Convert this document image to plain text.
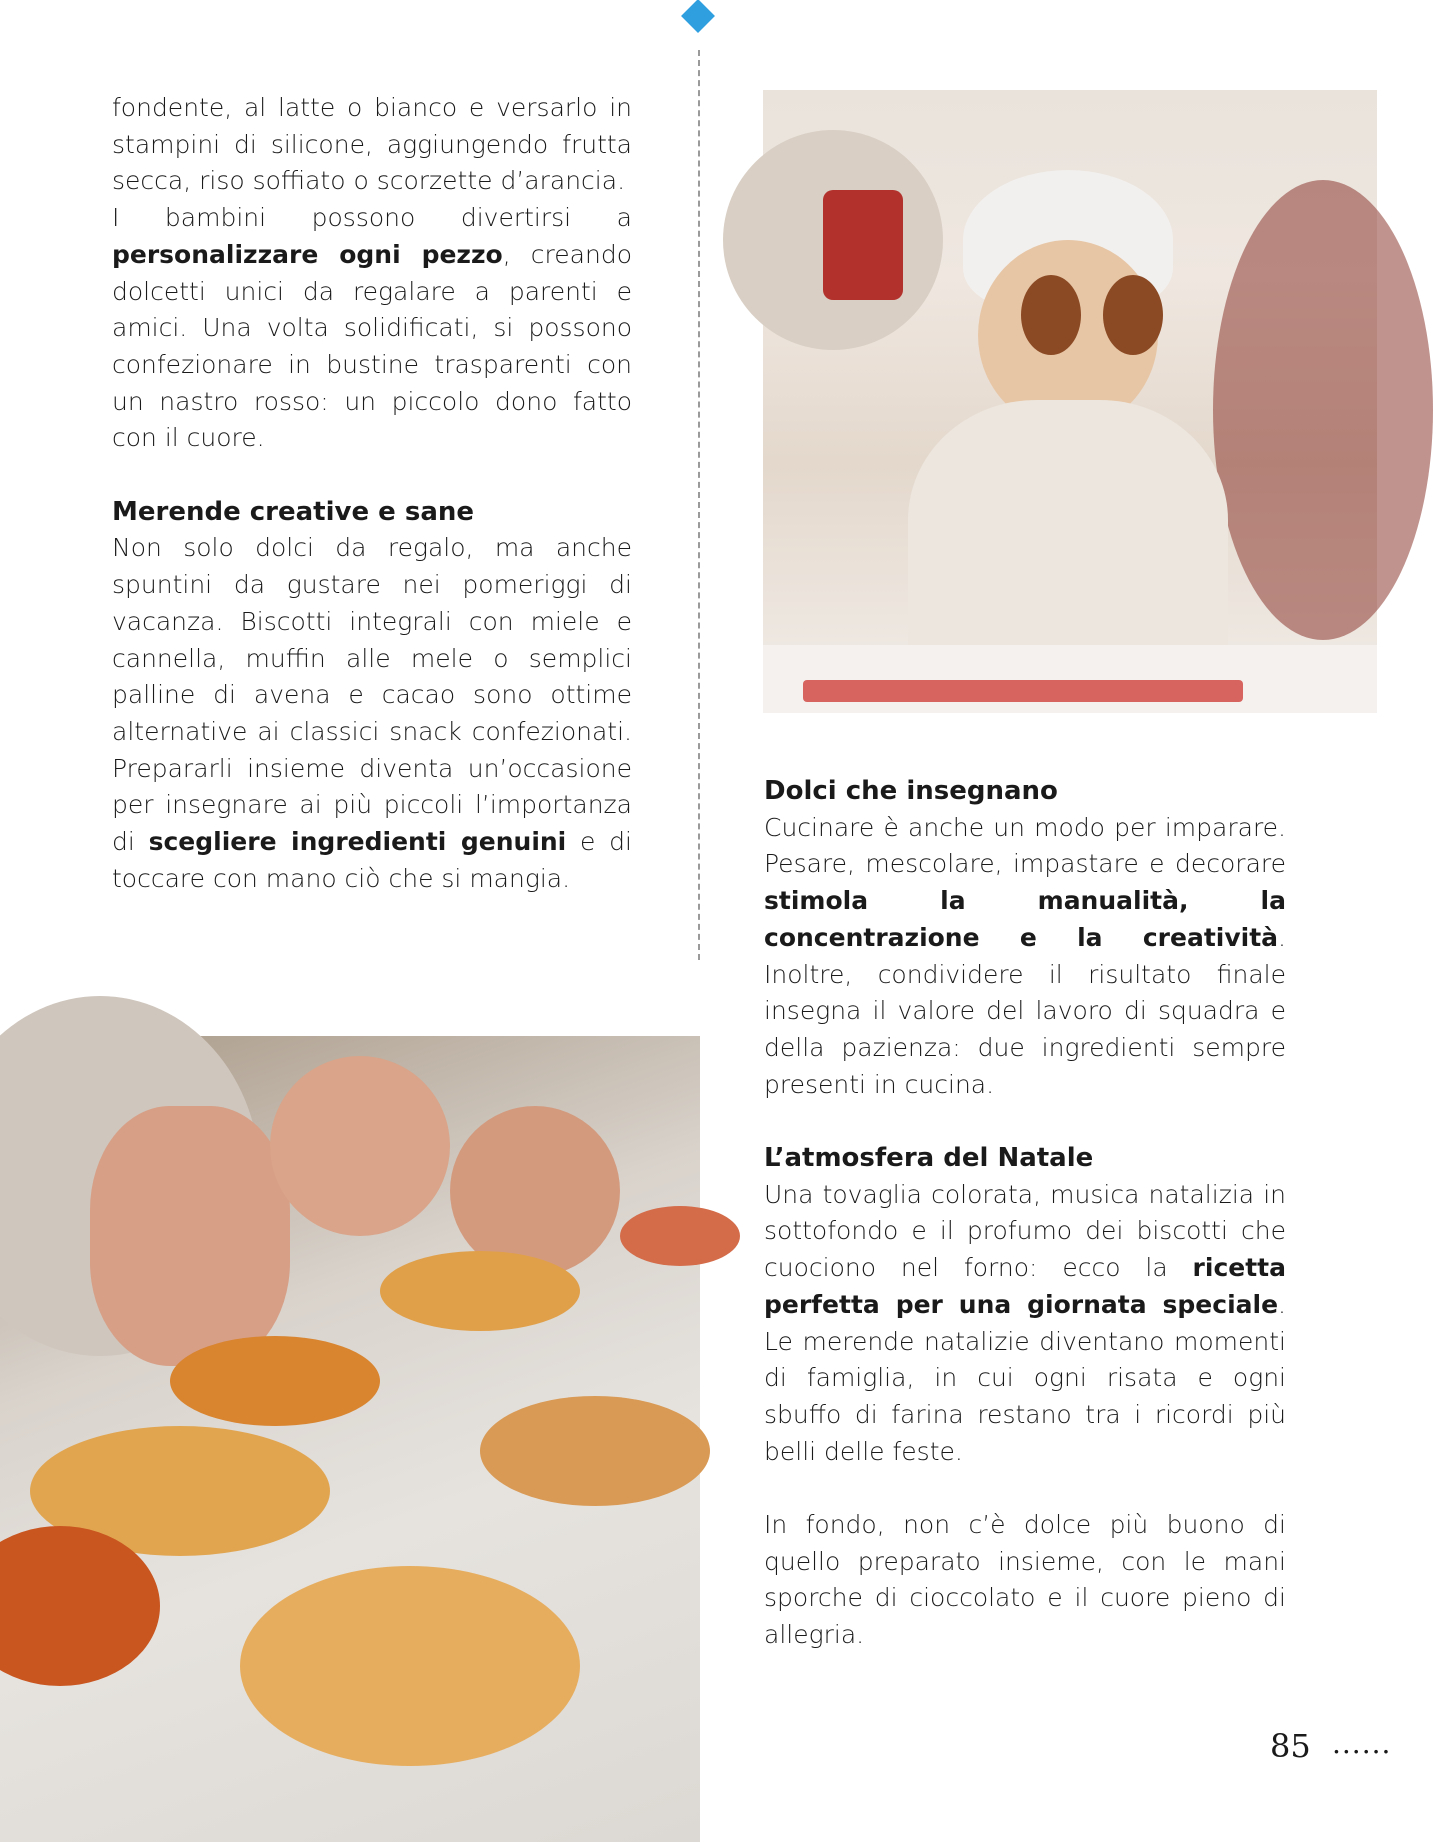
fondente, al latte o bianco e versarlo in stampini di silicone, aggiungendo frutta secca, riso soffiato o scorzette d’arancia.

I bambini possono divertirsi a personalizzare ogni pezzo, creando dolcetti unici da regalare a parenti e amici. Una volta solidificati, si possono confezionare in bustine trasparenti con un nastro rosso: un piccolo dono fatto con il cuore.

Merende creative e sane

Non solo dolci da regalo, ma anche spuntini da gustare nei pomeriggi di vacanza. Biscotti integrali con miele e cannella, muffin alle mele o semplici palline di avena e cacao sono ottime alternative ai classici snack confezionati. Prepararli insieme diventa un’occasione per insegnare ai più piccoli l’importanza di scegliere ingredienti genuini e di toccare con mano ciò che si mangia.

Dolci che insegnano

Cucinare è anche un modo per imparare. Pesare, mescolare, impastare e decorare stimola la manualità, la concentrazione e la creatività. Inoltre, condividere il risultato finale insegna il valore del lavoro di squadra e della pazienza: due ingredienti sempre presenti in cucina.

L’atmosfera del Natale

Una tovaglia colorata, musica natalizia in sottofondo e il profumo dei biscotti che cuociono nel forno: ecco la ricetta perfetta per una giornata speciale. Le merende natalizie diventano momenti di famiglia, in cui ogni risata e ogni sbuffo di farina restano tra i ricordi più belli delle feste.

In fondo, non c’è dolce più buono di quello preparato insieme, con le mani sporche di cioccolato e il cuore pieno di allegria.

85 ......
